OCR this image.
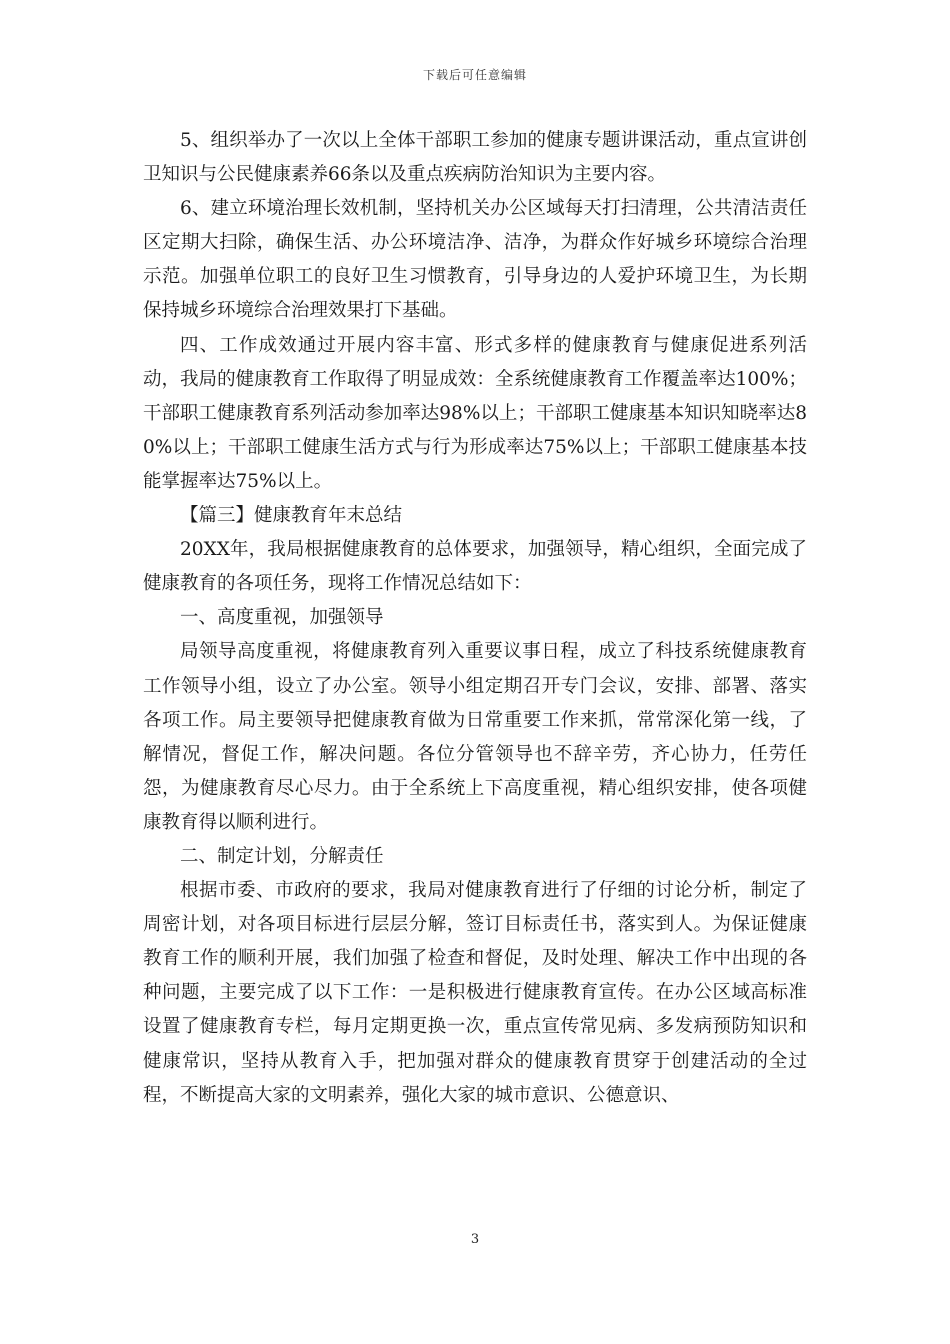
下载后可任意编辑

5、组织举办了一次以上全体干部职工参加的健康专题讲课活动，重点宣讲创卫知识与公民健康素养66条以及重点疾病防治知识为主要内容。

6、建立环境治理长效机制，坚持机关办公区域每天打扫清理，公共清洁责任区定期大扫除，确保生活、办公环境洁净、洁净，为群众作好城乡环境综合治理示范。加强单位职工的良好卫生习惯教育，引导身边的人爱护环境卫生，为长期保持城乡环境综合治理效果打下基础。

四、工作成效通过开展内容丰富、形式多样的健康教育与健康促进系列活动，我局的健康教育工作取得了明显成效：全系统健康教育工作覆盖率达100%；干部职工健康教育系列活动参加率达98%以上；干部职工健康基本知识知晓率达80%以上；干部职工健康生活方式与行为形成率达75%以上；干部职工健康基本技能掌握率达75%以上。

【篇三】健康教育年末总结

20XX年，我局根据健康教育的总体要求，加强领导，精心组织，全面完成了健康教育的各项任务，现将工作情况总结如下：

一、高度重视，加强领导

局领导高度重视，将健康教育列入重要议事日程，成立了科技系统健康教育工作领导小组，设立了办公室。领导小组定期召开专门会议，安排、部署、落实各项工作。局主要领导把健康教育做为日常重要工作来抓，常常深化第一线，了解情况，督促工作，解决问题。各位分管领导也不辞辛劳，齐心协力，任劳任怨，为健康教育尽心尽力。由于全系统上下高度重视，精心组织安排，使各项健康教育得以顺利进行。

二、制定计划，分解责任

根据市委、市政府的要求，我局对健康教育进行了仔细的讨论分析，制定了周密计划，对各项目标进行层层分解，签订目标责任书，落实到人。为保证健康教育工作的顺利开展，我们加强了检查和督促，及时处理、解决工作中出现的各种问题，主要完成了以下工作：一是积极进行健康教育宣传。在办公区域高标准设置了健康教育专栏，每月定期更换一次，重点宣传常见病、多发病预防知识和健康常识，坚持从教育入手，把加强对群众的健康教育贯穿于创建活动的全过程，不断提高大家的文明素养，强化大家的城市意识、公德意识、

3
